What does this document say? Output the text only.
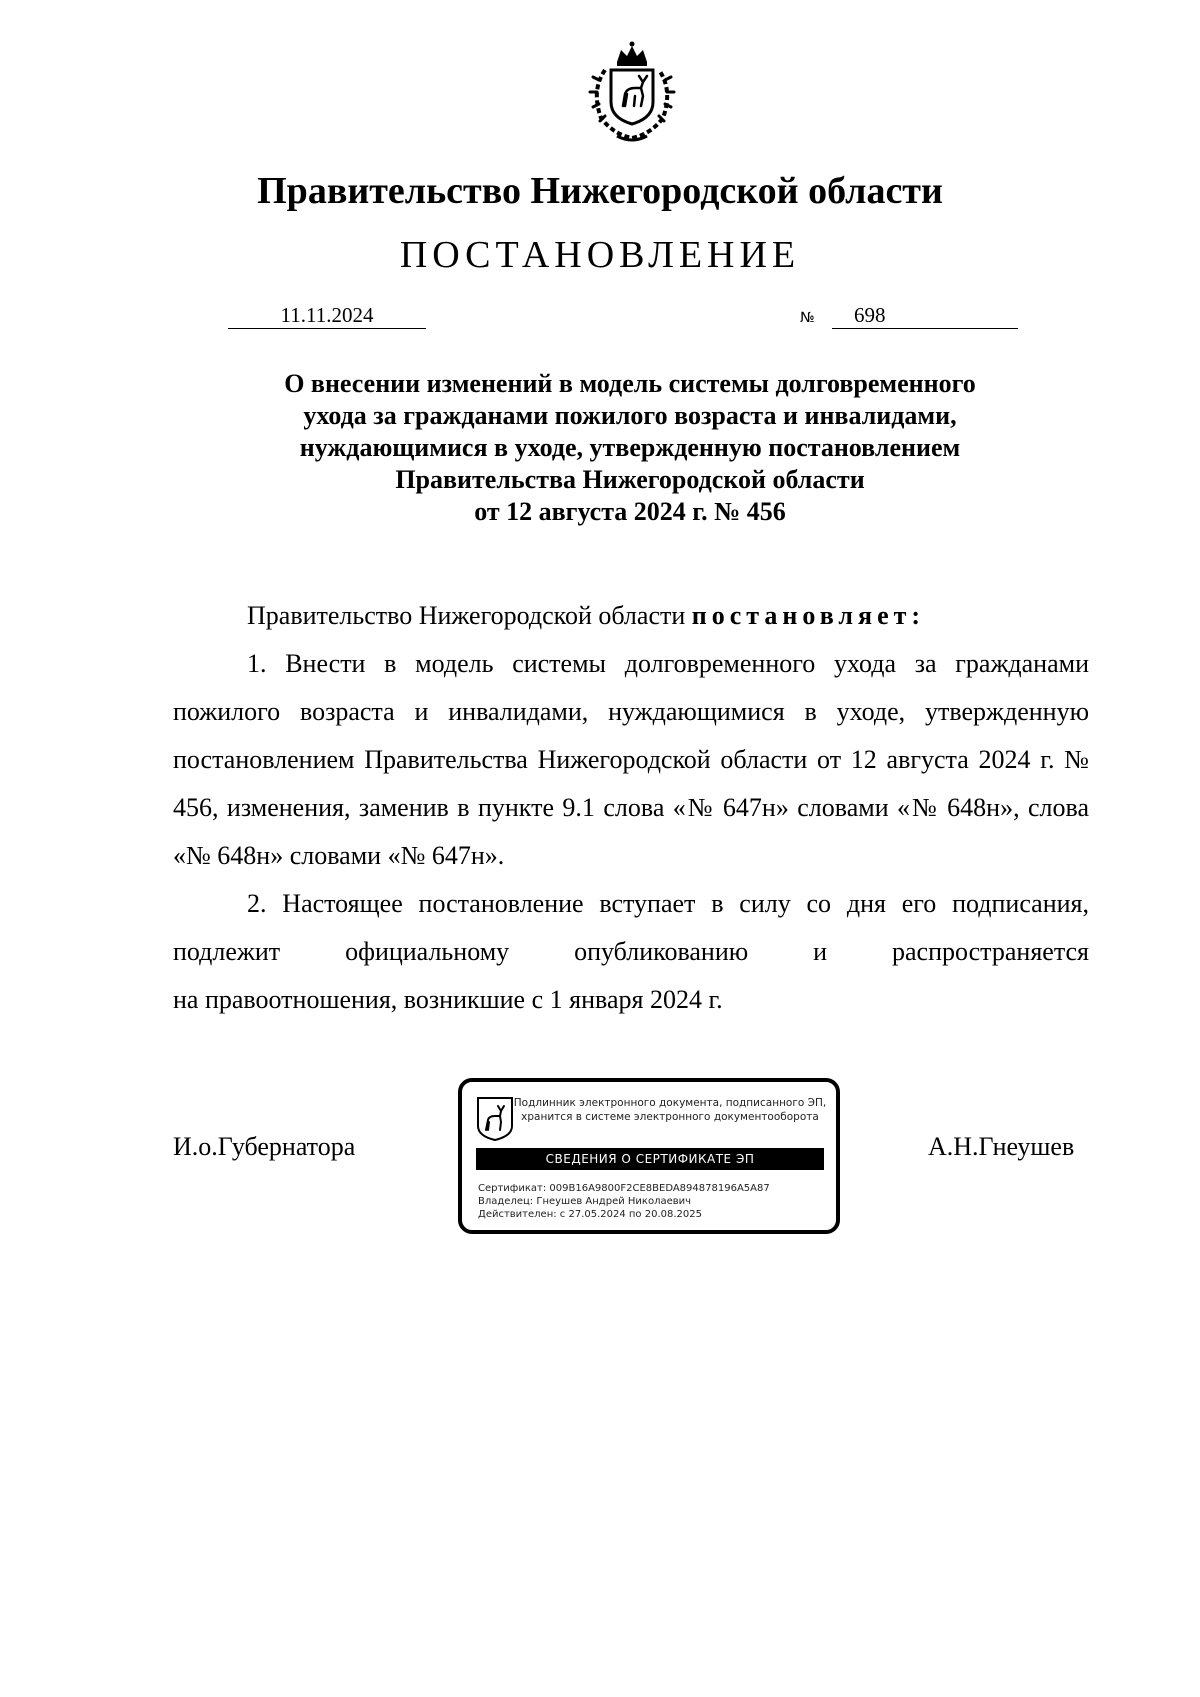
Правительство Нижегородской области
ПОСТАНОВЛЕНИЕ
11.11.2024	№	698
О внесении изменений в модель системы долговременного
ухода за гражданами пожилого возраста и инвалидами,
нуждающимися в уходе, утвержденную постановлением
Правительства Нижегородской области
от 12 августа 2024 г. № 456
Правительство Нижегородской области постановляет:
1. Внести в модель системы долговременного ухода за гражданами пожилого возраста и инвалидами, нуждающимися в уходе, утвержденную постановлением Правительства Нижегородской области от 12 августа 2024 г. № 456, изменения, заменив в пункте 9.1 слова «№ 647н» словами «№ 648н», слова «№ 648н» словами «№ 647н».
2. Настоящее постановление вступает в силу со дня его подписания, подлежит официальному опубликованию и распространяется
на правоотношения, возникшие с 1 января 2024 г.
И.о.Губернатора
Подлинник электронного документа, подписанного ЭП,
хранится в системе электронного документооборота
СВЕДЕНИЯ О СЕРТИФИКАТЕ ЭП
Сертификат: 009B16A9800F2CE8BEDA894878196A5A87
Владелец: Гнеушев Андрей Николаевич
Действителен: с 27.05.2024 по 20.08.2025
А.Н.Гнеушев
